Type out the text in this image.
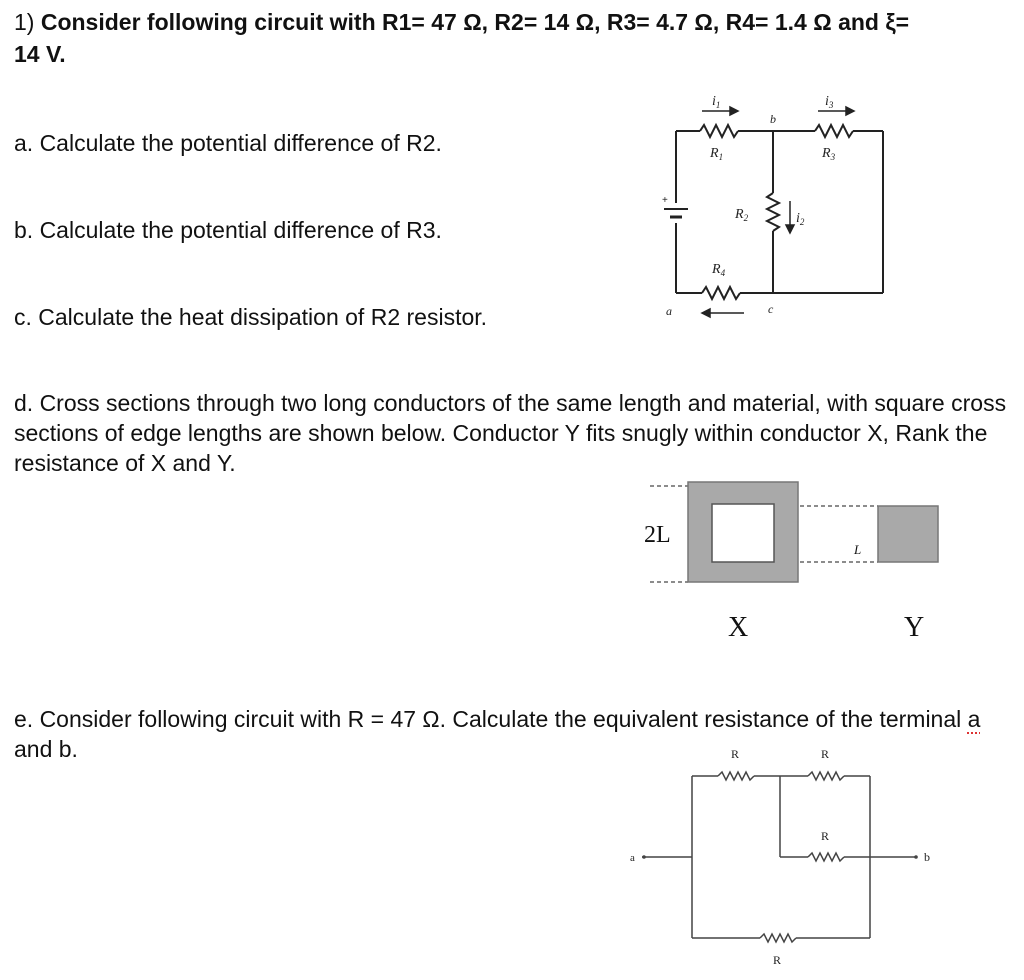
1) Consider following circuit with R1= 47 Ω, R2= 14 Ω, R3= 4.7 Ω, R4= 1.4 Ω and ξ=
14 V.

a. Calculate the potential difference of R2.

b. Calculate the potential difference of R3.

c. Calculate the heat dissipation of R2 resistor.

d. Cross sections through two long conductors of the same length and material, with square cross sections of edge lengths are shown below. Conductor Y fits snugly within conductor X, Rank the resistance of X and Y.

e. Consider following circuit with R = 47 Ω. Calculate the equivalent resistance of the terminal a and b.

+
$i_1$	$i_3$
b
$R_1$	$R_3$
$R_2$	$i_2$
$R_4$
a	c
2L
L
X	Y
R	R
R
R
a	b
